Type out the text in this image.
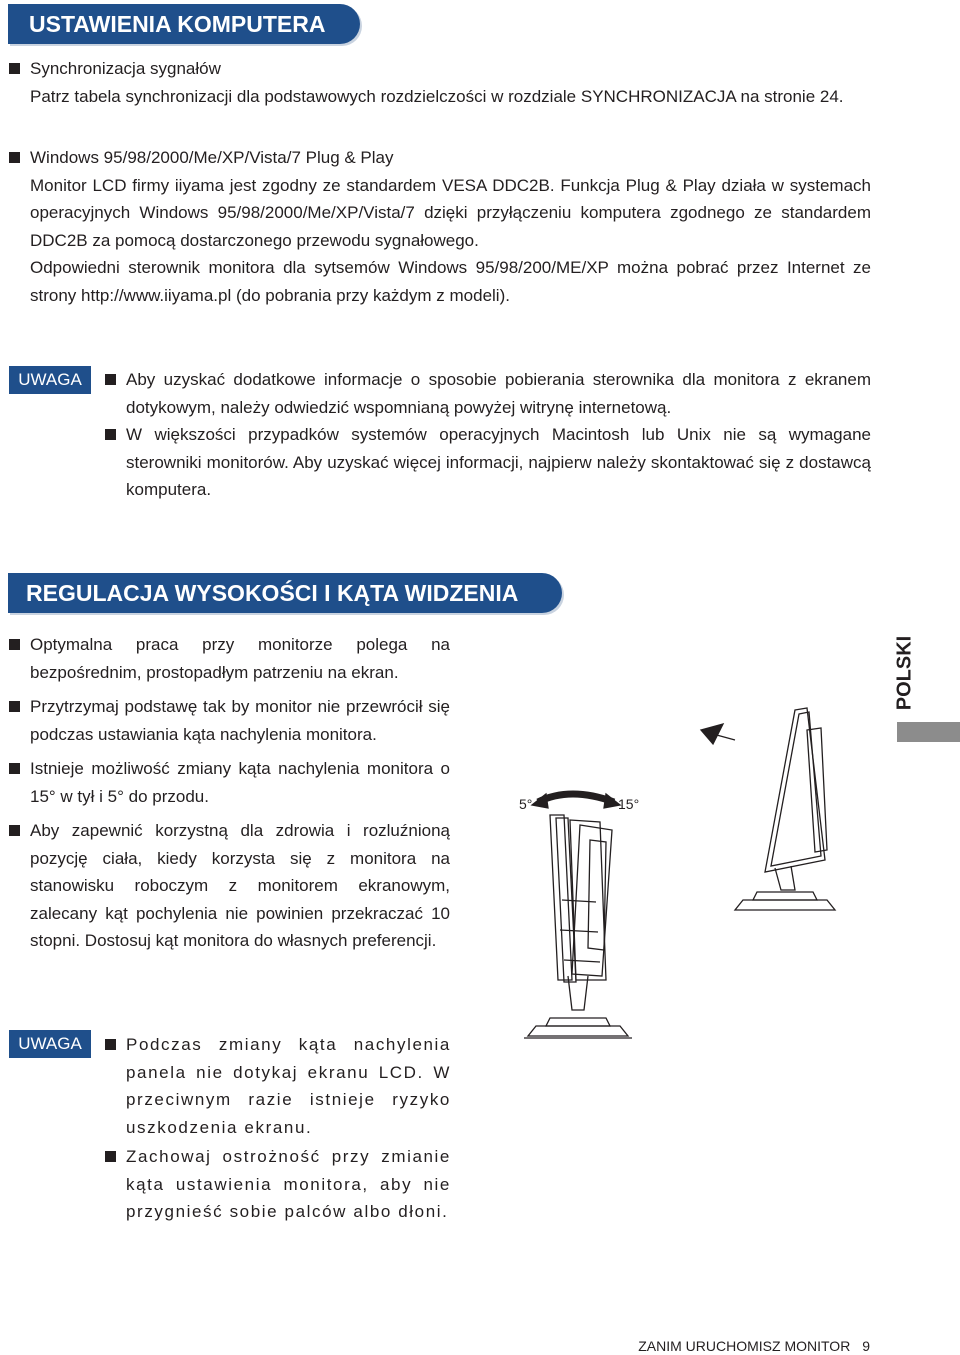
USTAWIENIA KOMPUTERA
Synchronizacja sygnałów
Patrz tabela synchronizacji dla podstawowych rozdzielczości w rozdziale SYNCHRONIZACJA na stronie 24.
Windows 95/98/2000/Me/XP/Vista/7 Plug & Play
Monitor LCD firmy iiyama jest zgodny ze standardem VESA DDC2B. Funkcja Plug & Play działa w systemach operacyjnych Windows 95/98/2000/Me/XP/Vista/7 dzięki przyłączeniu komputera zgodnego ze standardem DDC2B za pomocą dostarczonego przewodu sygnałowego.
Odpowiedni sterownik monitora dla sytsemów Windows 95/98/200/ME/XP można pobrać przez Internet ze strony http://www.iiyama.pl (do pobrania przy każdym z modeli).
UWAGA	Aby uzyskać dodatkowe informacje o sposobie pobierania sterownika dla monitora z ekranem dotykowym, należy odwiedzić wspomnianą powyżej witrynę internetową.
W większości przypadków systemów operacyjnych Macintosh lub Unix nie są wymagane sterowniki monitorów. Aby uzyskać więcej informacji, najpierw należy skontaktować się z dostawcą komputera.
REGULACJA WYSOKOŚCI I KĄTA WIDZENIA
Optymalna praca przy monitorze polega na bezpośrednim, prostopadłym patrzeniu na ekran.
Przytrzymaj podstawę tak by monitor nie przewrócił się podczas ustawiania kąta nachylenia monitora.
Istnieje możliwość zmiany kąta nachylenia monitora o 15° w tył i 5° do przodu.
Aby zapewnić korzystną dla zdrowia i rozluźnioną pozycję ciała, kiedy korzysta się z monitora na stanowisku roboczym z monitorem ekranowym, zalecany kąt pochylenia nie powinien przekraczać 10 stopni. Dostosuj kąt monitora do własnych preferencji.
UWAGA	Podczas zmiany kąta nachylenia panela nie dotykaj ekranu LCD. W przeciwnym razie istnieje ryzyko uszkodzenia ekranu.
Zachowaj ostrożność przy zmianie kąta ustawienia monitora, aby nie przygnieść sobie palców albo dłoni.
5°	15°
POLSKI
ZANIM URUCHOMISZ MONITOR 9
